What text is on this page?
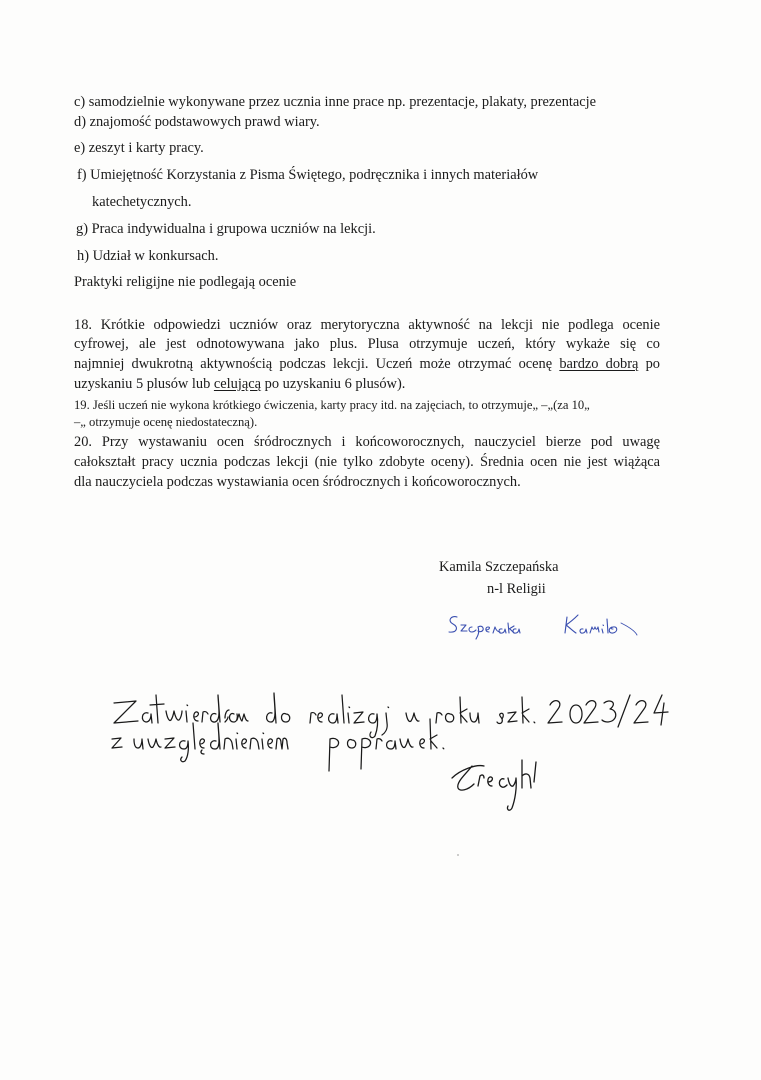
c) samodzielnie wykonywane przez ucznia inne prace np. prezentacje, plakaty, prezentacje
d) znajomość podstawowych prawd wiary.
e) zeszyt i karty pracy.
f) Umiejętność Korzystania z Pisma Świętego, podręcznika i innych materiałów
katechetycznych.
g) Praca indywidualna i grupowa uczniów na lekcji.
h) Udział w konkursach.
Praktyki religijne nie podlegają ocenie
18. Krótkie odpowiedzi uczniów oraz merytoryczna aktywność na lekcji nie podlega ocenie
cyfrowej, ale jest odnotowywana jako plus. Plusa otrzymuje uczeń, który wykaże się co
najmniej dwukrotną aktywnością podczas lekcji. Uczeń może otrzymać ocenę bardzo dobrą po
uzyskaniu 5 plusów lub celującą po uzyskaniu 6 plusów).
19. Jeśli uczeń nie wykona krótkiego ćwiczenia, karty pracy itd. na zajęciach, to otrzymuje„ –„(za 10„
–„ otrzymuje ocenę niedostateczną).
20. Przy wystawaniu ocen śródrocznych i końcoworocznych, nauczyciel bierze pod uwagę
całokształt pracy ucznia podczas lekcji (nie tylko zdobyte oceny). Średnia ocen nie jest wiążąca
dla nauczyciela podczas wystawiania ocen śródrocznych i końcoworocznych.
Kamila Szczepańska
n-l Religii
